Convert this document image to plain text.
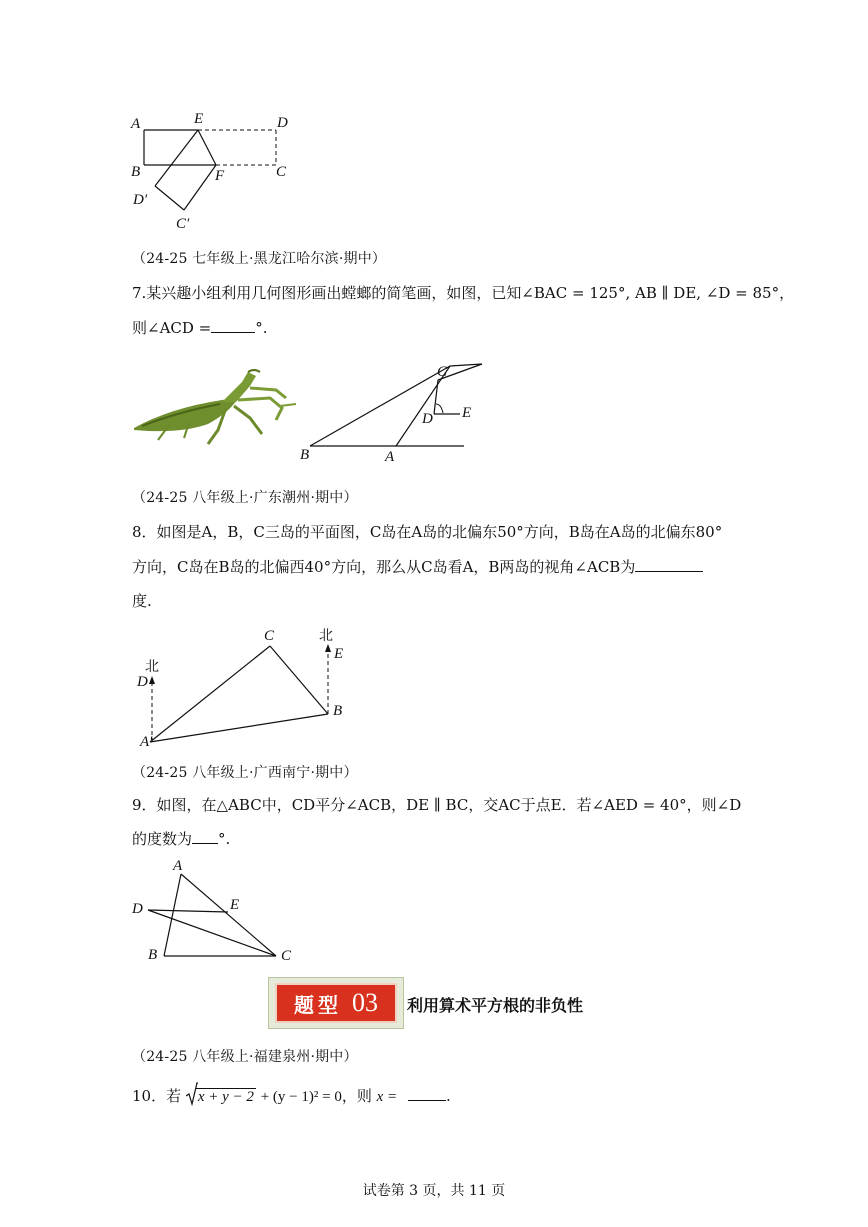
A	E	D
B	F	C
D′
C′
（24-25 七年级上·黑龙江哈尔滨·期中）
7.某兴趣小组利用几何图形画出螳螂的简笔画，如图，已知∠BAC = 125°, AB ∥ DE, ∠D = 85°，
则∠ACD =	°.
C
D E
B	A
（24-25 八年级上·广东潮州·期中）
8．如图是A，B，C三岛的平面图，C岛在A岛的北偏东50°方向，B岛在A岛的北偏东80°
方向，C岛在B岛的北偏西40°方向，那么从C岛看A，B两岛的视角∠ACB为
度.
C	北
E
北
D
B
A′
（24-25 八年级上·广西南宁·期中）
9．如图，在△ABC中，CD平分∠ACB，DE ∥ BC，交AC于点E．若∠AED = 40°，则∠D
的度数为 °.
A
D	E
B	C
题型 03 利用算术平方根的非负性
（24-25 八年级上·福建泉州·期中）
10．若 x + y − 2 + (y − 1)² = 0，则 x =	.
试卷第 3 页，共 11 页
